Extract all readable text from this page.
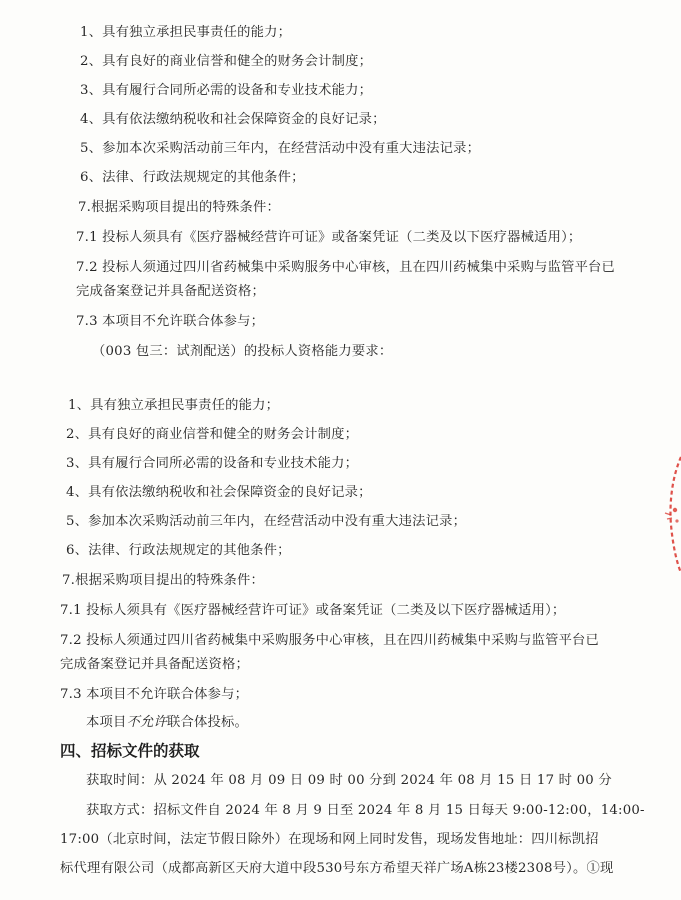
1、具有独立承担民事责任的能力；
2、具有良好的商业信誉和健全的财务会计制度；
3、具有履行合同所必需的设备和专业技术能力；
4、具有依法缴纳税收和社会保障资金的良好记录；
5、参加本次采购活动前三年内，在经营活动中没有重大违法记录；
6、法律、行政法规规定的其他条件；
7.根据采购项目提出的特殊条件：
7.1 投标人须具有《医疗器械经营许可证》或备案凭证（二类及以下医疗器械适用）；
7.2 投标人须通过四川省药械集中采购服务中心审核，且在四川药械集中采购与监管平台已
完成备案登记并具备配送资格；
7.3 本项目不允许联合体参与；
（003 包三：试剂配送）的投标人资格能力要求：
1、具有独立承担民事责任的能力；
2、具有良好的商业信誉和健全的财务会计制度；
3、具有履行合同所必需的设备和专业技术能力；
4、具有依法缴纳税收和社会保障资金的良好记录；
5、参加本次采购活动前三年内，在经营活动中没有重大违法记录；
6、法律、行政法规规定的其他条件；
7.根据采购项目提出的特殊条件：
7.1 投标人须具有《医疗器械经营许可证》或备案凭证（二类及以下医疗器械适用）；
7.2 投标人须通过四川省药械集中采购服务中心审核，且在四川药械集中采购与监管平台已
完成备案登记并具备配送资格；
7.3 本项目不允许联合体参与；
本项目不允许联合体投标。
四、招标文件的获取
获取时间：从 2024 年 08 月 09 日 09 时 00 分到 2024 年 08 月 15 日 17 时 00 分
获取方式：招标文件自 2024 年 8 月 9 日至 2024 年 8 月 15 日每天 9:00-12:00，14:00-
17:00（北京时间，法定节假日除外）在现场和网上同时发售，现场发售地址：四川标凯招
标代理有限公司（成都高新区天府大道中段530号东方希望天祥广场A栋23楼2308号）。①现
